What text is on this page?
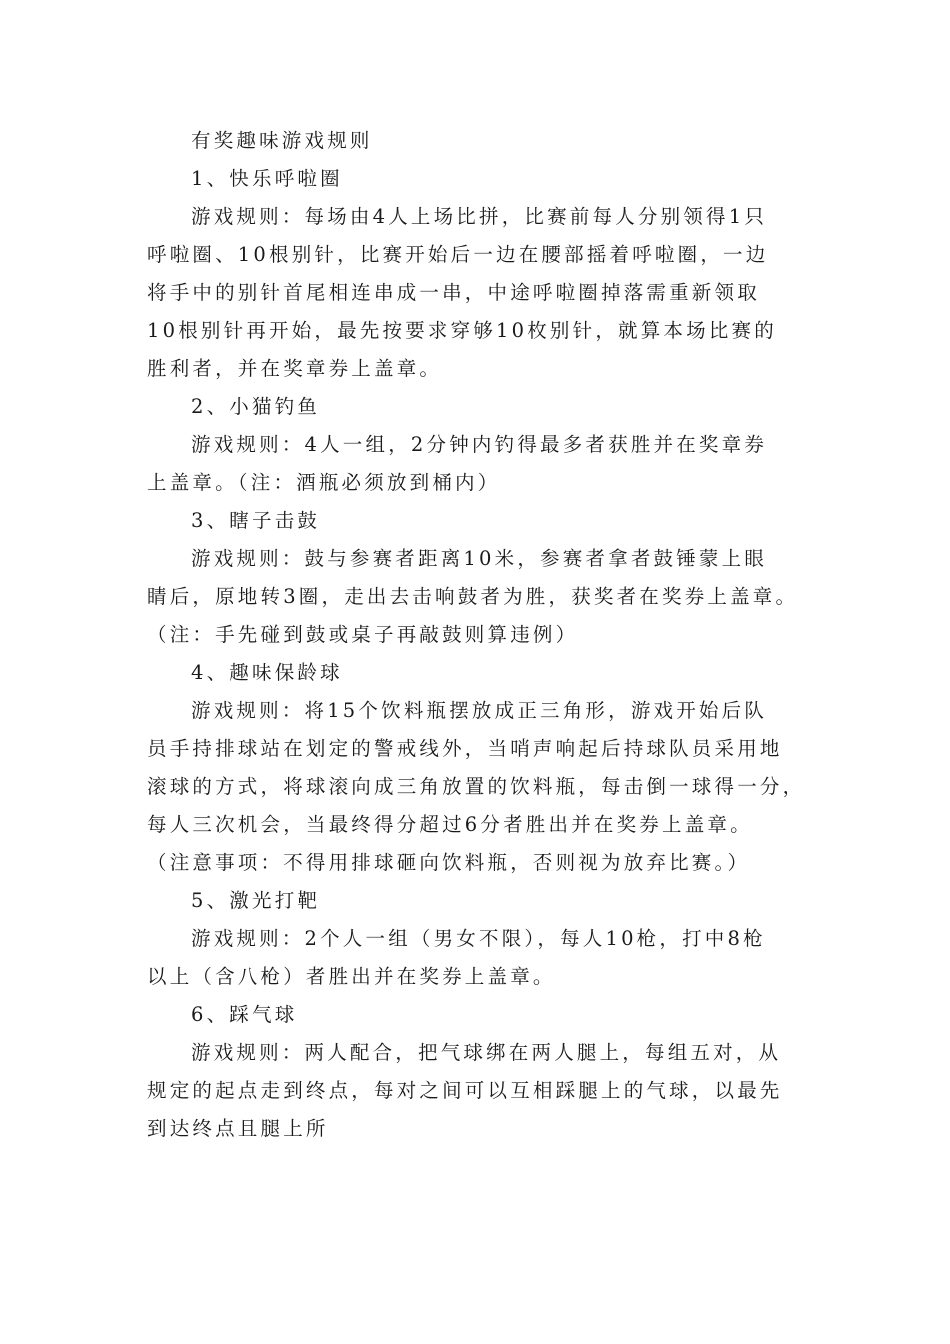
有奖趣味游戏规则
1、快乐呼啦圈
游戏规则：每场由4人上场比拼，比赛前每人分别领得1只
呼啦圈、10根别针，比赛开始后一边在腰部摇着呼啦圈，一边
将手中的别针首尾相连串成一串，中途呼啦圈掉落需重新领取
10根别针再开始，最先按要求穿够10枚别针，就算本场比赛的
胜利者，并在奖章券上盖章。
2、小猫钓鱼
游戏规则：4人一组，2分钟内钓得最多者获胜并在奖章券
上盖章。（注：酒瓶必须放到桶内）
3、瞎子击鼓
游戏规则：鼓与参赛者距离10米，参赛者拿者鼓锤蒙上眼
睛后，原地转3圈，走出去击响鼓者为胜，获奖者在奖券上盖章。
（注：手先碰到鼓或桌子再敲鼓则算违例）
4、趣味保龄球
游戏规则：将15个饮料瓶摆放成正三角形，游戏开始后队
员手持排球站在划定的警戒线外，当哨声响起后持球队员采用地
滚球的方式，将球滚向成三角放置的饮料瓶，每击倒一球得一分，
每人三次机会，当最终得分超过6分者胜出并在奖券上盖章。
（注意事项：不得用排球砸向饮料瓶，否则视为放弃比赛。）
5、激光打靶
游戏规则：2个人一组（男女不限），每人10枪，打中8枪
以上（含八枪）者胜出并在奖券上盖章。
6、踩气球
游戏规则：两人配合，把气球绑在两人腿上，每组五对，从
规定的起点走到终点，每对之间可以互相踩腿上的气球，以最先
到达终点且腿上所
